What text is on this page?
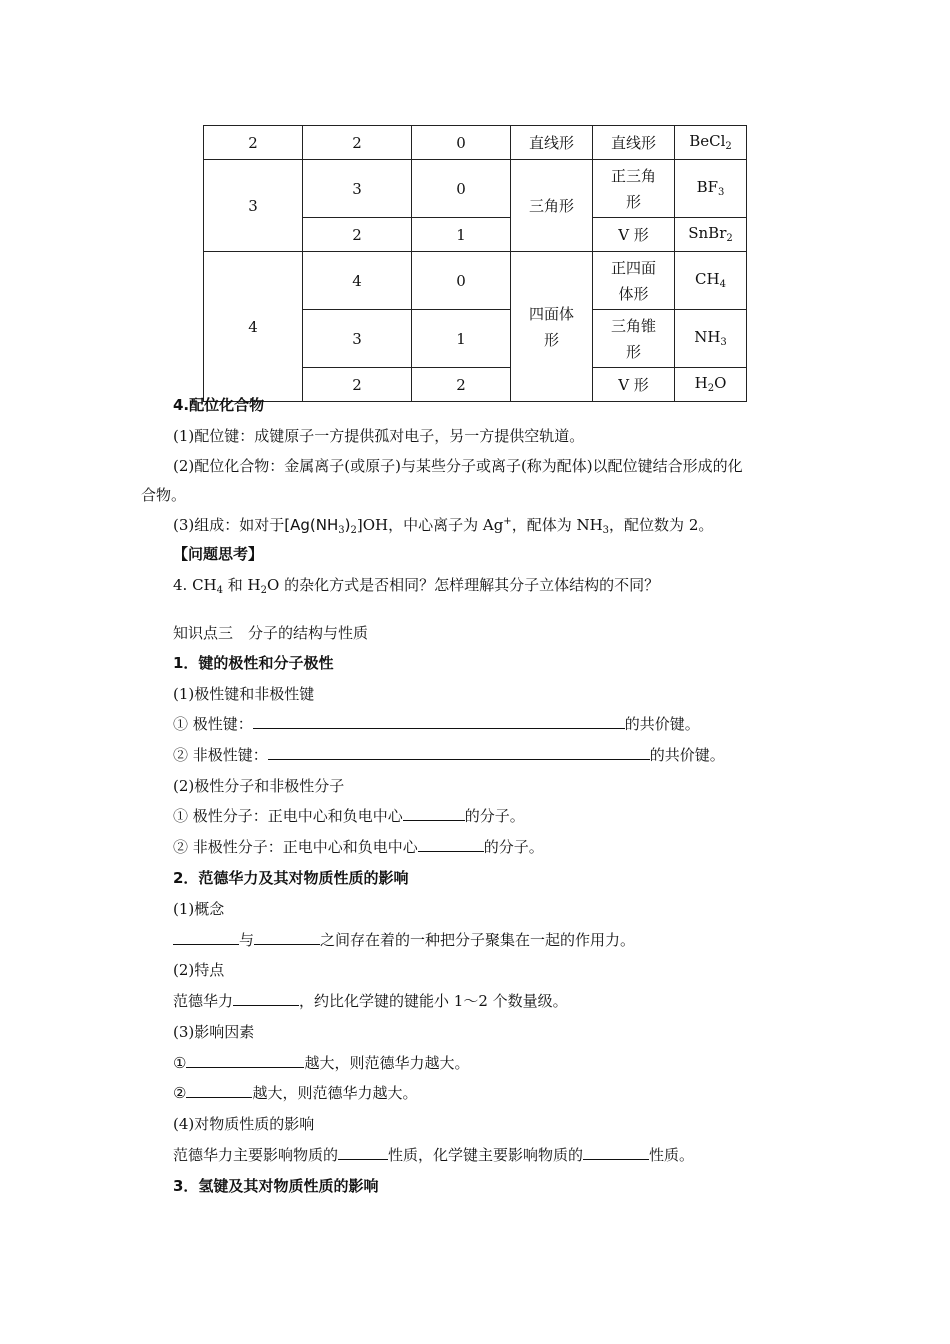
2	2	0	直线形	直线形	BeCl$_2$
3	3	0	三角形	正三角形	$BF_3$
	2	1		V 形	SnBr$_2$
4	4	0	四面体形	正四面体形	$CH_4$
	3	1		三角锥形	$NH_3$
	2	2		V 形	$H_2O$
4.配位化合物
(1)配位键：成键原子一方提供孤对电子，另一方提供空轨道。
(2)配位化合物：金属离子(或原子)与某些分子或离子(称为配体)以配位键结合形成的化
合物。
(3)组成：如对于$[Ag(NH_3)_2]OH$，中心离子为 Ag+，配体为 $NH_3$，配位数为 2。
【问题思考】
4. $CH_4$ 和 $H_2O$ 的杂化方式是否相同？怎样理解其分子立体结构的不同？
知识点三　分子的结构与性质
1．键的极性和分子极性
(1)极性键和非极性键
① 极性键：	的共价键。
② 非极性键：	的共价键。
(2)极性分子和非极性分子
① 极性分子：正电中心和负电中心	的分子。
② 非极性分子：正电中心和负电中心	的分子。
2．范德华力及其对物质性质的影响
(1)概念
与	之间存在着的一种把分子聚集在一起的作用力。
(2)特点
范德华力	，约比化学键的键能小 1～2 个数量级。
(3)影响因素
①	越大，则范德华力越大。
②	越大，则范德华力越大。
(4)对物质性质的影响
范德华力主要影响物质的	性质，化学键主要影响物质的	性质。
3．氢键及其对物质性质的影响
